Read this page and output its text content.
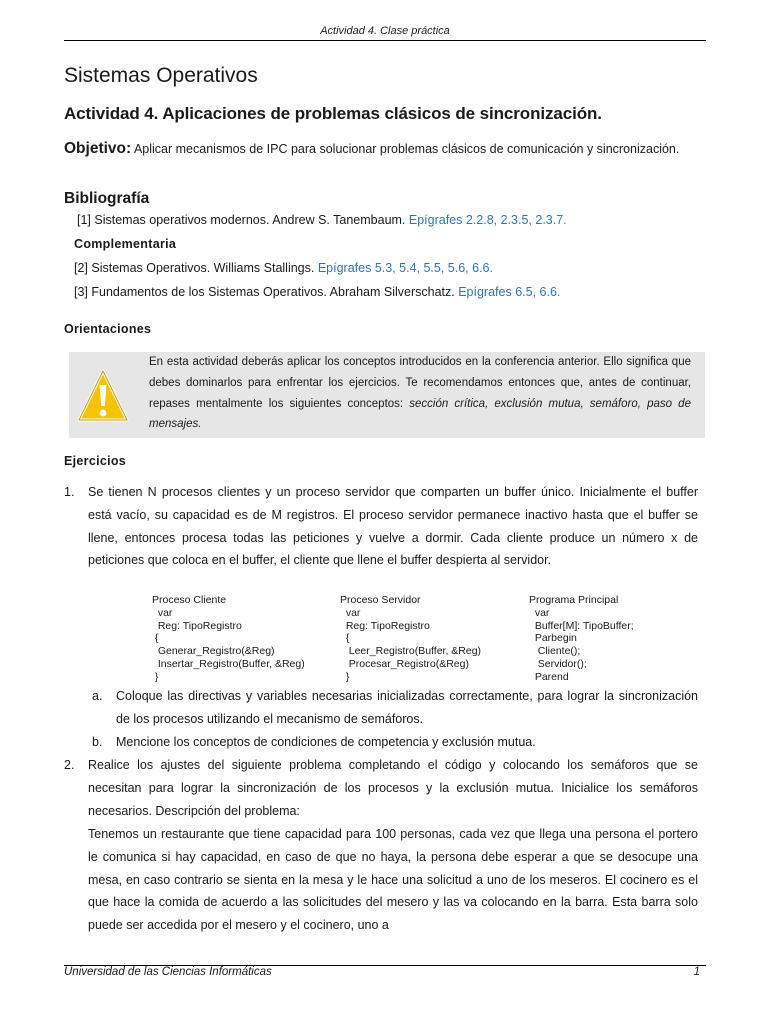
Actividad 4. Clase práctica
Sistemas Operativos
Actividad 4. Aplicaciones de problemas clásicos de sincronización.
Objetivo: Aplicar mecanismos de IPC para solucionar problemas clásicos de comunicación y sincronización.
Bibliografía
[1] Sistemas operativos modernos. Andrew S. Tanembaum. Epígrafes 2.2.8, 2.3.5, 2.3.7.
Complementaria
[2] Sistemas Operativos. Williams Stallings. Epígrafes 5.3, 5.4, 5.5, 5.6, 6.6.
[3] Fundamentos de los Sistemas Operativos. Abraham Silverschatz. Epígrafes 6.5, 6.6.
Orientaciones
En esta actividad deberás aplicar los conceptos introducidos en la conferencia anterior. Ello significa que debes dominarlos para enfrentar los ejercicios. Te recomendamos entonces que, antes de continuar, repases mentalmente los siguientes conceptos: sección crítica, exclusión mutua, semáforo, paso de mensajes.
Ejercicios
1. Se tienen N procesos clientes y un proceso servidor que comparten un buffer único. Inicialmente el buffer está vacío, su capacidad es de M registros. El proceso servidor permanece inactivo hasta que el buffer se llene, entonces procesa todas las peticiones y vuelve a dormir. Cada cliente produce un número x de peticiones que coloca en el buffer, el cliente que llene el buffer despierta al servidor.
Proceso Cliente
var
Reg: TipoRegistro
{
Generar_Registro(&Reg)
Insertar_Registro(Buffer, &Reg)
}
Proceso Servidor
var
Reg: TipoRegistro
{
Leer_Registro(Buffer, &Reg)
Procesar_Registro(&Reg)
}
Programa Principal
var
Buffer[M]: TipoBuffer;
Parbegin
Cliente();
Servidor();
Parend
a. Coloque las directivas y variables necesarias inicializadas correctamente, para lograr la sincronización de los procesos utilizando el mecanismo de semáforos.
b. Mencione los conceptos de condiciones de competencia y exclusión mutua.
2. Realice los ajustes del siguiente problema completando el código y colocando los semáforos que se necesitan para lograr la sincronización de los procesos y la exclusión mutua. Inicialice los semáforos necesarios. Descripción del problema:
Tenemos un restaurante que tiene capacidad para 100 personas, cada vez que llega una persona el portero le comunica si hay capacidad, en caso de que no haya, la persona debe esperar a que se desocupe una mesa, en caso contrario se sienta en la mesa y le hace una solicitud a uno de los meseros. El cocinero es el que hace la comida de acuerdo a las solicitudes del mesero y las va colocando en la barra. Esta barra solo puede ser accedida por el mesero y el cocinero, uno a
Universidad de las Ciencias Informáticas	1
